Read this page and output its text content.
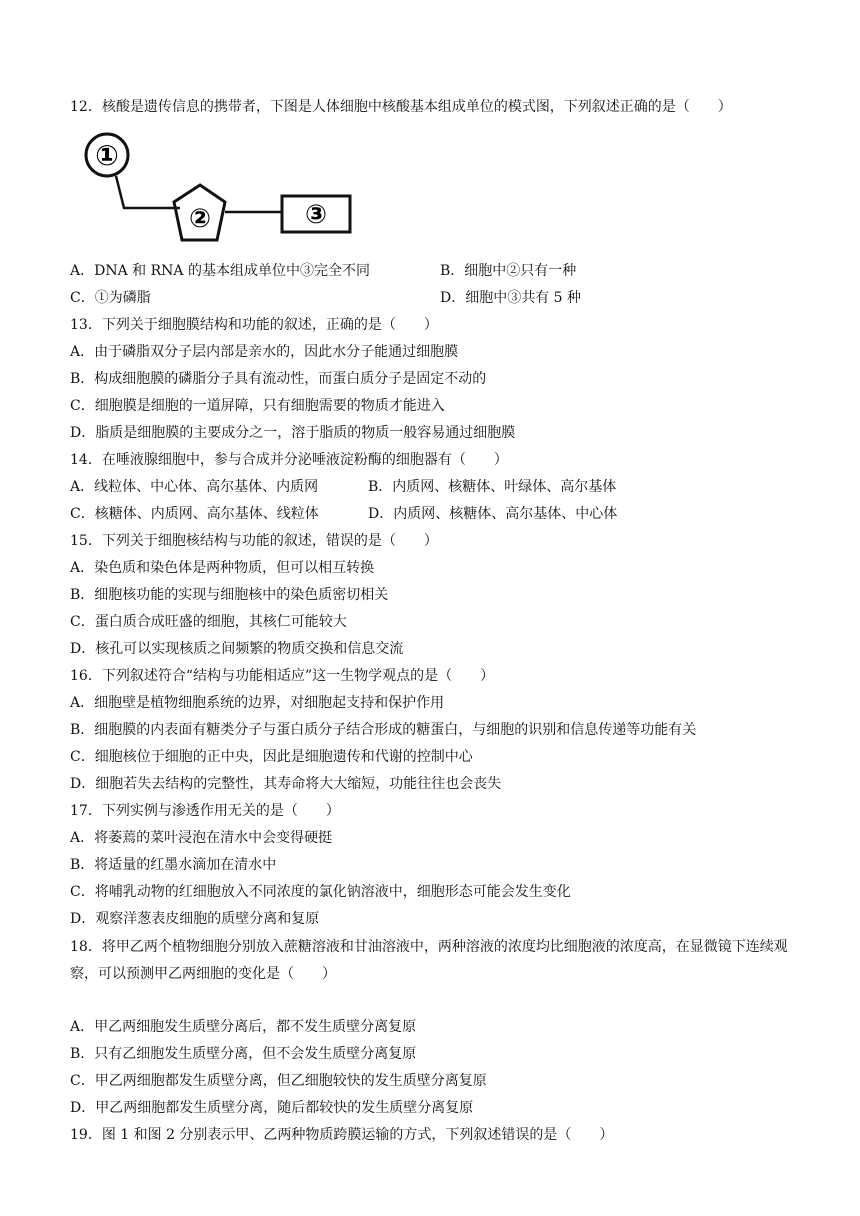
12．核酸是遗传信息的携带者，下图是人体细胞中核酸基本组成单位的模式图，下列叙述正确的是（　　）
①
②	③
A．DNA 和 RNA 的基本组成单位中③完全不同	B．细胞中②只有一种
C．①为磷脂	D．细胞中③共有 5 种
13．下列关于细胞膜结构和功能的叙述，正确的是（　　）
A．由于磷脂双分子层内部是亲水的，因此水分子能通过细胞膜
B．构成细胞膜的磷脂分子具有流动性，而蛋白质分子是固定不动的
C．细胞膜是细胞的一道屏障，只有细胞需要的物质才能进入
D．脂质是细胞膜的主要成分之一，溶于脂质的物质一般容易通过细胞膜
14．在唾液腺细胞中，参与合成并分泌唾液淀粉酶的细胞器有（　　）
A．线粒体、中心体、高尔基体、内质网	B．内质网、核糖体、叶绿体、高尔基体
C．核糖体、内质网、高尔基体、线粒体	D．内质网、核糖体、高尔基体、中心体
15．下列关于细胞核结构与功能的叙述，错误的是（　　）
A．染色质和染色体是两种物质，但可以相互转换
B．细胞核功能的实现与细胞核中的染色质密切相关
C．蛋白质合成旺盛的细胞，其核仁可能较大
D．核孔可以实现核质之间频繁的物质交换和信息交流
16．下列叙述符合“结构与功能相适应”这一生物学观点的是（　　）
A．细胞壁是植物细胞系统的边界，对细胞起支持和保护作用
B．细胞膜的内表面有糖类分子与蛋白质分子结合形成的糖蛋白，与细胞的识别和信息传递等功能有关
C．细胞核位于细胞的正中央，因此是细胞遗传和代谢的控制中心
D．细胞若失去结构的完整性，其寿命将大大缩短，功能往往也会丧失
17．下列实例与渗透作用无关的是（　　）
A．将萎蔫的菜叶浸泡在清水中会变得硬挺
B．将适量的红墨水滴加在清水中
C．将哺乳动物的红细胞放入不同浓度的氯化钠溶液中，细胞形态可能会发生变化
D．观察洋葱表皮细胞的质壁分离和复原
18．将甲乙两个植物细胞分别放入蔗糖溶液和甘油溶液中，两种溶液的浓度均比细胞液的浓度高，在显微镜下连续观察，可以预测甲乙两细胞的变化是（　　）
A．甲乙两细胞发生质壁分离后，都不发生质壁分离复原
B．只有乙细胞发生质壁分离，但不会发生质壁分离复原
C．甲乙两细胞都发生质壁分离，但乙细胞较快的发生质壁分离复原
D．甲乙两细胞都发生质壁分离，随后都较快的发生质壁分离复原
19．图 1 和图 2 分别表示甲、乙两种物质跨膜运输的方式，下列叙述错误的是（　　）
